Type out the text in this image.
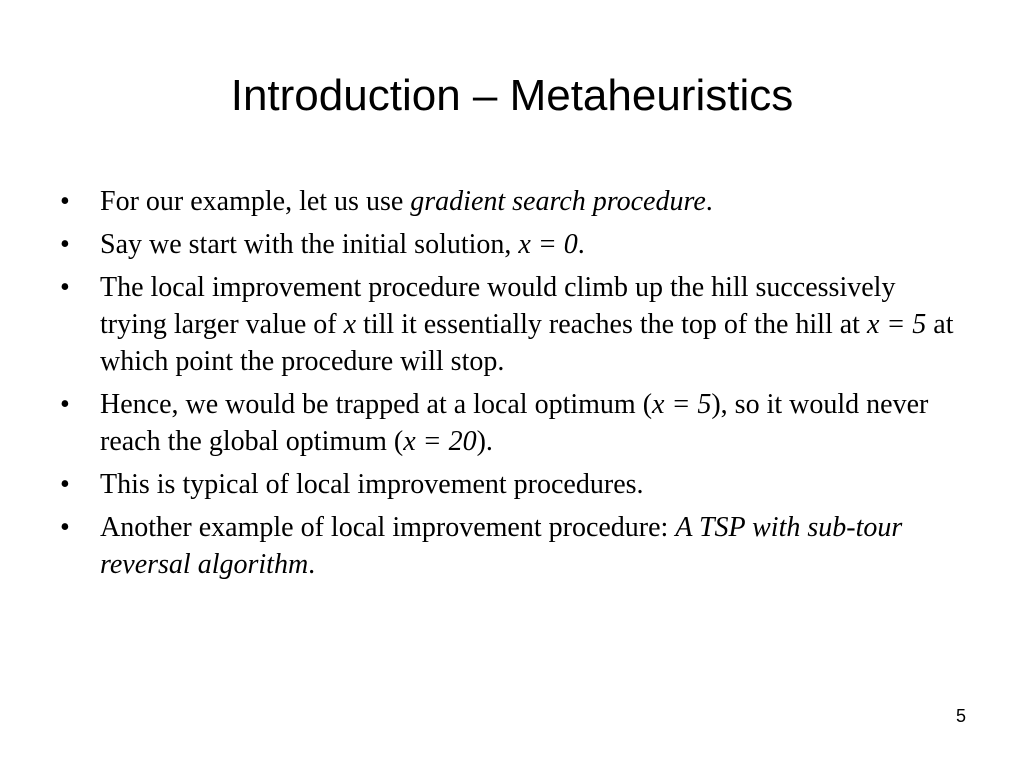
Introduction – Metaheuristics
• For our example, let us use gradient search procedure.
• Say we start with the initial solution, x = 0.
• The local improvement procedure would climb up the hill successively trying larger value of x till it essentially reaches the top of the hill at x = 5 at which point the procedure will stop.
• Hence, we would be trapped at a local optimum (x = 5), so it would never reach the global optimum (x = 20).
• This is typical of local improvement procedures.
• Another example of local improvement procedure: A TSP with sub-tour reversal algorithm.
5
